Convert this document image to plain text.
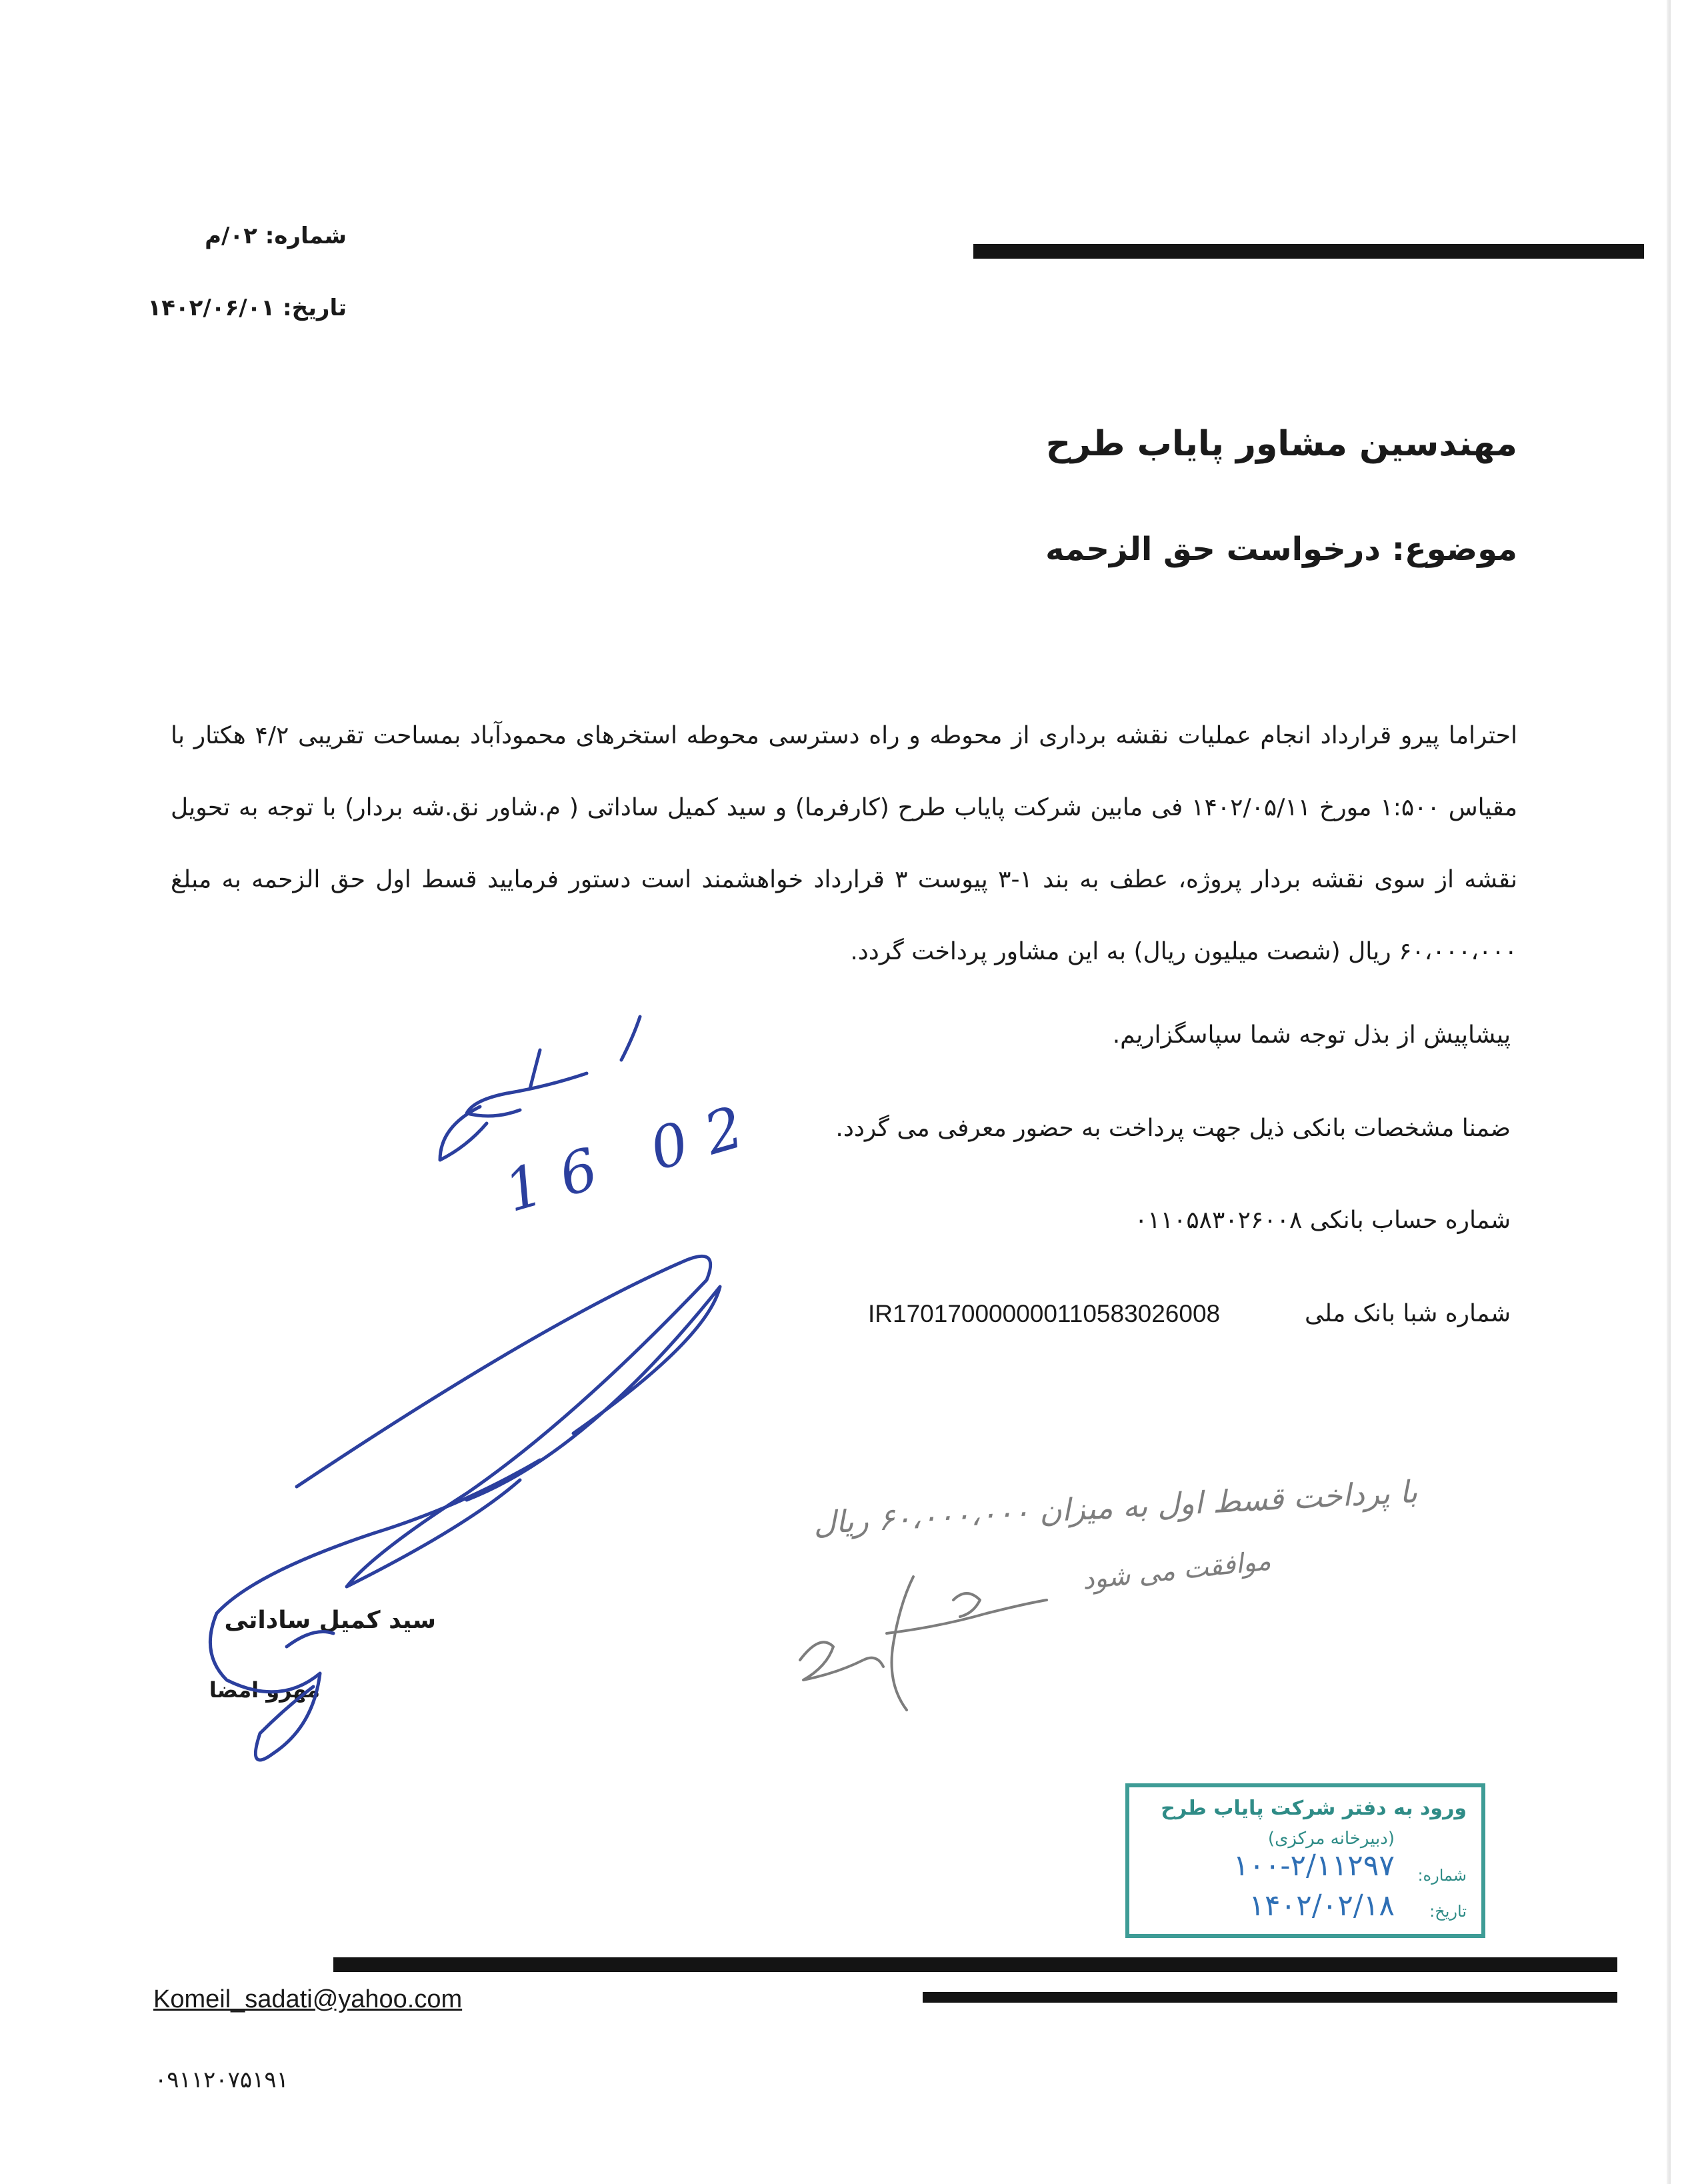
شماره: ۰۲/م
تاریخ: ۱۴۰۲/۰۶/۰۱
مهندسین مشاور پایاب طرح
موضوع: درخواست حق الزحمه
احتراما پیرو قرارداد انجام عملیات نقشه برداری از محوطه و راه دسترسی محوطه استخرهای محمودآباد بمساحت تقریبی ۴/۲ هکتار با مقیاس ۱:۵۰۰ مورخ ۱۴۰۲/۰۵/۱۱ فی مابین شرکت پایاب طرح (کارفرما) و سید کمیل ساداتی ( م.شاور نق.شه بردار) با توجه به تحویل نقشه از سوی نقشه بردار پروژه، عطف به بند ۱-۳ پیوست ۳ قرارداد خواهشمند است دستور فرمایید قسط اول حق الزحمه به مبلغ ۶۰،۰۰۰،۰۰۰ ریال (شصت میلیون ریال) به این مشاور پرداخت گردد.
پیشاپیش از بذل توجه شما سپاسگزاریم.
ضمنا مشخصات بانکی ذیل جهت پرداخت به حضور معرفی می گردد.
شماره حساب بانکی ۰۱۱۰۵۸۳۰۲۶۰۰۸
شماره شبا بانک ملی
IR170170000000110583026008
سید کمیل ساداتی
مهرو امضا
با پرداخت قسط اول به میزان ۶۰،۰۰۰،۰۰۰ ریال
موافقت می شود
16 02
ورود به دفتر شرکت پایاب طرح
(دبیرخانه مرکزی)
شماره:
۱۰۰-۲/۱۱۲۹۷
تاریخ:
۱۴۰۲/۰۲/۱۸
Komeil_sadati@yahoo.com
۰۹۱۱۲۰۷۵۱۹۱
